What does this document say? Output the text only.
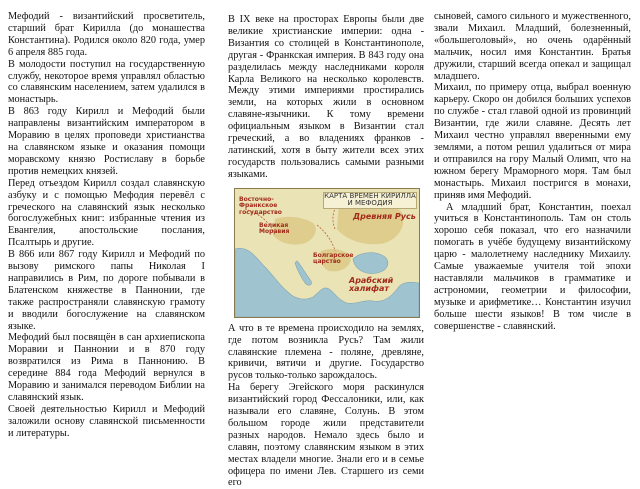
Мефодий - византийский просветитель, старший брат Кирилла (до монашества Константина). Родился около 820 года, умер 6 апреля 885 года.

В молодости поступил на государственную службу, некоторое время управлял областью со славянским населением, затем удалился в монастырь.

В 863 году Кирилл и Мефодий были направлены византийским императором в Моравию в целях проповеди христианства на славянском языке и оказания помощи моравскому князю Ростиславу в борьбе против немецких князей.

Перед отъездом Кирилл создал славянскую азбуку и с помощью Мефодия перевёл с греческого на славянский язык несколько богослужебных книг: избранные чтения из Евангелия, апостольские послания, Псалтырь и другие.

В 866 или 867 году Кирилл и Мефодий по вызову римского папы Николая I направились в Рим, по дороге побывали в Блатенском княжестве в Паннонии, где также распространяли славянскую грамоту и вводили богослужение на славянском языке.

Мефодий был посвящён в сан архиепископа Моравии и Паннонии и в 870 году возвратился из Рима в Паннонию. В середине 884 года Мефодий вернулся в Моравию и занимался переводом Библии на славянский язык.

Своей деятельностью Кирилл и Мефодий заложили основу славянской письменности и литературы.

В IX веке на просторах Европы были две великие христианские империи: одна - Византия со столицей в Константинополе, другая - Франкская империя. В 843 году она разделилась между наследниками короля Карла Великого на несколько королевств. Между этими империями простирались земли, на которых жили в основном славяне-язычники. К тому времени официальным языком в Византии стал греческий, а во владениях франков - латинский, хотя в быту жители всех этих государств пользовались самыми разными языками.

КАРТА ВРЕМЕН КИРИЛЛА И МЕФОДИЯ
Восточно-Франкское государство
Великая Моравия
Древняя Русь
Болгарское царство
Арабский халифат

А что в те времена происходило на землях, где потом возникла Русь? Там жили славянские племена - поляне, древляне, кривичи, вятичи и другие. Государство русов только-только зарождалось.

На берегу Эгейского моря раскинулся византийский город Фессалоники, или, как называли его славяне, Солунь. В этом большом городе жили представители разных народов. Немало здесь было и славян, поэтому славянским языком в этих местах владели многие. Знали его и в семье офицера по имени Лев. Старшего из семи его

сыновей, самого сильного и мужественного, звали Михаил. Младший, болезненный, «большеголовый», но очень одарённый мальчик, носил имя Константин. Братья дружили, старший всегда опекал и защищал младшего.

Михаил, по примеру отца, выбрал военную карьеру. Скоро он добился больших успехов по службе - стал главой одной из провинций Византии, где жили славяне. Десять лет Михаил честно управлял вверенными ему землями, а потом решил удалиться от мира и отправился на гору Малый Олимп, что на южном берегу Мраморного моря. Там был монастырь. Михаил постригся в монахи, приняв имя Мефодий.

А младший брат, Константин, поехал учиться в Константинополь. Там он столь хорошо себя показал, что его назначили помогать в учёбе будущему византийскому царю - малолетнему наследнику Михаилу. Самые уважаемые учителя той эпохи наставляли мальчиков в грамматике и астрономии, геометрии и философии, музыке и арифметике… Константин изучил больше шести языков! В том числе в совершенстве - славянский.
